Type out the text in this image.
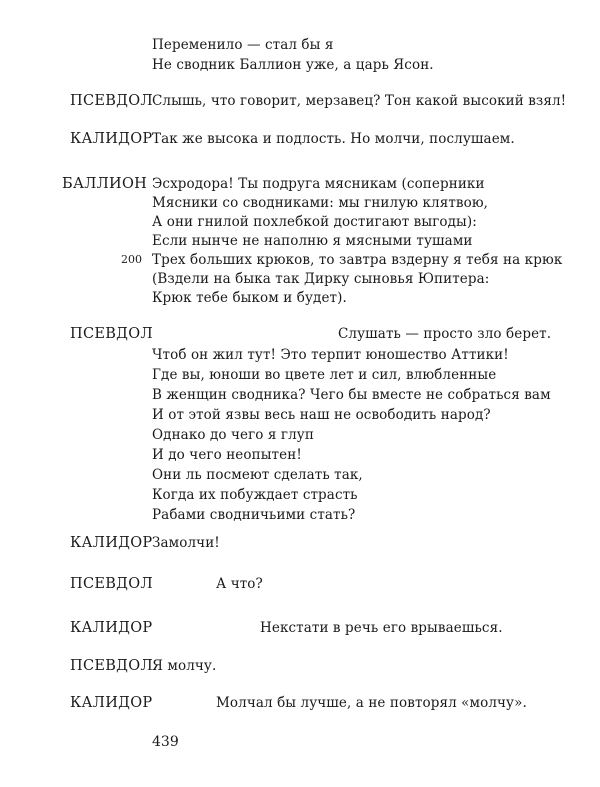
Переменило — стал бы я
Не сводник Баллион уже, а царь Ясон.
ПСЕВДОЛ Слышь, что говорит, мерзавец? Тон какой высокий взял!
КАЛИДОР Так же высока и подлость. Но молчи, послушаем.
БАЛЛИОН Эсхродора! Ты подруга мясникам (соперники
Мясники со сводниками: мы гнилую клятвою,
А они гнилой похлебкой достигают выгоды):
Если нынче не наполню я мясными тушами
200 Трех больших крюков, то завтра вздерну я тебя на крюк
(Вздели на быка так Дирку сыновья Юпитера:
Крюк тебе быком и будет).
ПСЕВДОЛ	Слушать — просто зло берет.
Чтоб он жил тут! Это терпит юношество Аттики!
Где вы, юноши во цвете лет и сил, влюбленные
В женщин сводника? Чего бы вместе не собраться вам
И от этой язвы весь наш не освободить народ?
Однако до чего я глуп
И до чего неопытен!
Они ль посмеют сделать так,
Когда их побуждает страсть
Рабами сводничьими стать?
КАЛИДОР Замолчи!
ПСЕВДОЛ	А что?
КАЛИДОР	Некстати в речь его врываешься.
ПСЕВДОЛ Я молчу.
КАЛИДОР	Молчал бы лучше, а не повторял «молчу».
439
